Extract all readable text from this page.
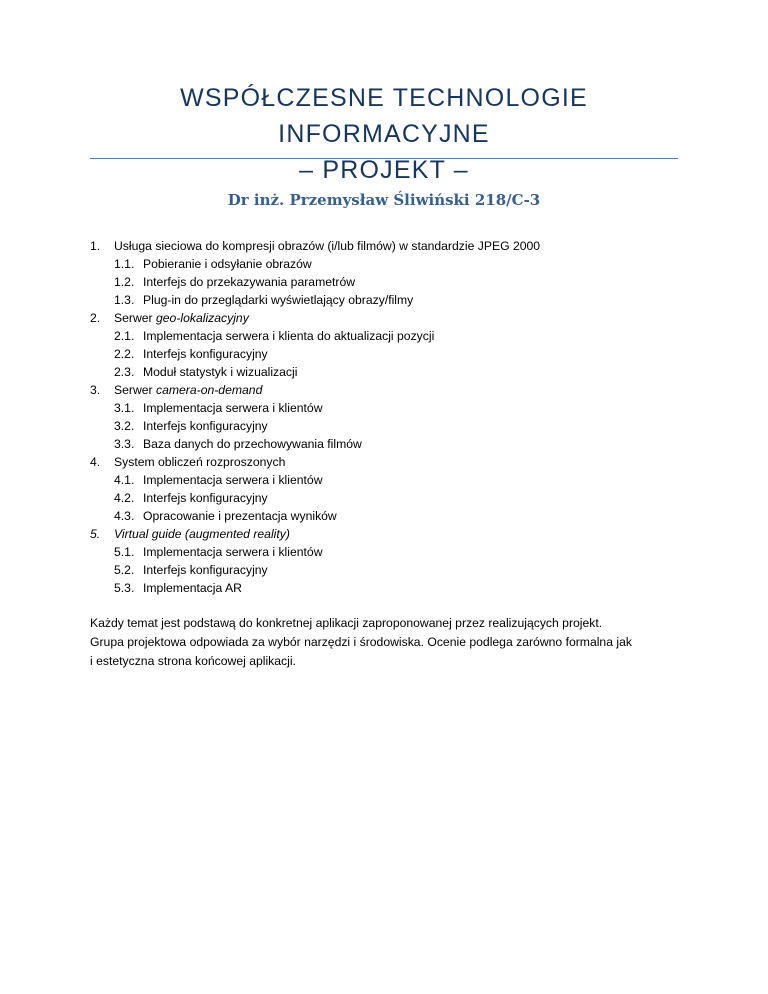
WSPÓŁCZESNE TECHNOLOGIE INFORMACYJNE
– PROJEKT –
Dr inż. Przemysław Śliwiński 218/C-3
1. Usługa sieciowa do kompresji obrazów (i/lub filmów) w standardzie JPEG 2000
1.1. Pobieranie i odsyłanie obrazów
1.2. Interfejs do przekazywania parametrów
1.3. Plug-in do przeglądarki wyświetlający obrazy/filmy
2. Serwer geo-lokalizacyjny
2.1. Implementacja serwera i klienta do aktualizacji pozycji
2.2. Interfejs konfiguracyjny
2.3. Moduł statystyk i wizualizacji
3. Serwer camera-on-demand
3.1. Implementacja serwera i klientów
3.2. Interfejs konfiguracyjny
3.3. Baza danych do przechowywania filmów
4. System obliczeń rozproszonych
4.1. Implementacja serwera i klientów
4.2. Interfejs konfiguracyjny
4.3. Opracowanie i prezentacja wyników
5. Virtual guide (augmented reality)
5.1. Implementacja serwera i klientów
5.2. Interfejs konfiguracyjny
5.3. Implementacja AR
Każdy temat jest podstawą do konkretnej aplikacji zaproponowanej przez realizujących projekt.
Grupa projektowa odpowiada za wybór narzędzi i środowiska. Ocenie podlega zarówno formalna jak
i estetyczna strona końcowej aplikacji.
